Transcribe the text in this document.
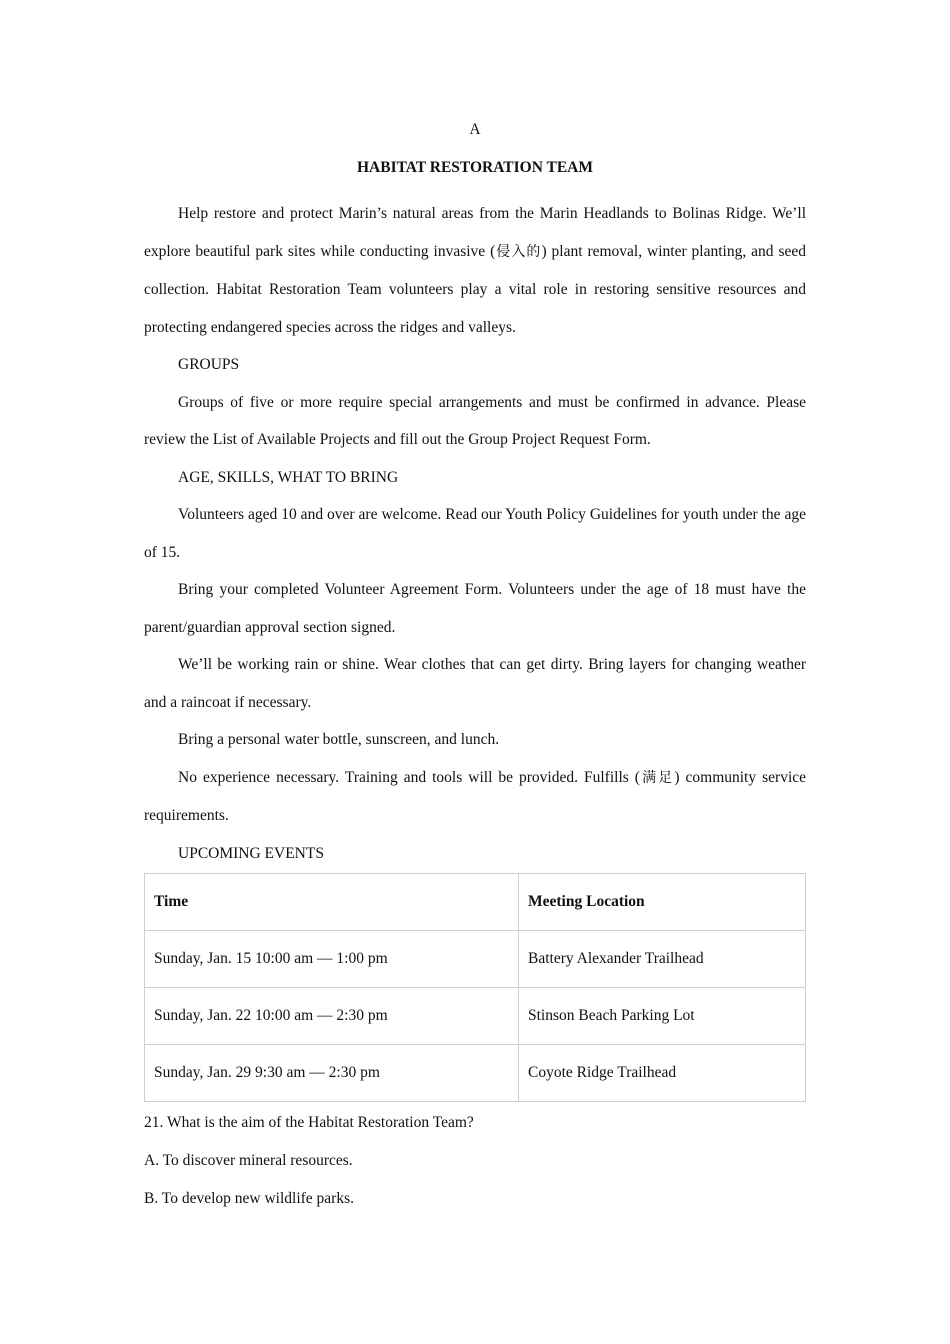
A
HABITAT RESTORATION TEAM

Help restore and protect Marin’s natural areas from the Marin Headlands to Bolinas Ridge. We’ll explore beautiful park sites while conducting invasive (侵入的) plant removal, winter planting, and seed collection. Habitat Restoration Team volunteers play a vital role in restoring sensitive resources and protecting endangered species across the ridges and valleys.

GROUPS

Groups of five or more require special arrangements and must be confirmed in advance. Please review the List of Available Projects and fill out the Group Project Request Form.

AGE, SKILLS, WHAT TO BRING

Volunteers aged 10 and over are welcome. Read our Youth Policy Guidelines for youth under the age of 15.

Bring your completed Volunteer Agreement Form. Volunteers under the age of 18 must have the parent/guardian approval section signed.

We’ll be working rain or shine. Wear clothes that can get dirty. Bring layers for changing weather and a raincoat if necessary.

Bring a personal water bottle, sunscreen, and lunch.

No experience necessary. Training and tools will be provided. Fulfills (满足) community service requirements.

UPCOMING EVENTS

Time	Meeting Location
Sunday, Jan. 15 10:00 am — 1:00 pm	Battery Alexander Trailhead
Sunday, Jan. 22 10:00 am — 2:30 pm	Stinson Beach Parking Lot
Sunday, Jan. 29 9:30 am — 2:30 pm	Coyote Ridge Trailhead

21. What is the aim of the Habitat Restoration Team?

A. To discover mineral resources.

B. To develop new wildlife parks.
